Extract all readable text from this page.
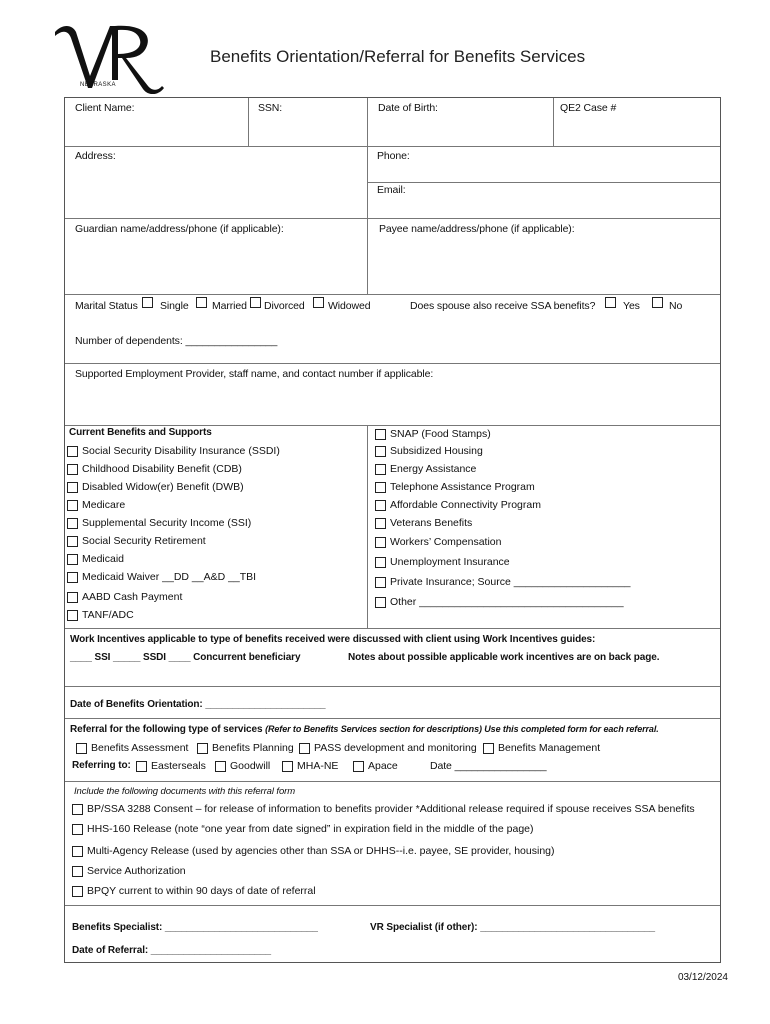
NEBRASKA
Benefits Orientation/Referral for Benefits Services
Client Name:	SSN:	Date of Birth:	QE2 Case #
Address:	Phone:
Email:
Guardian name/address/phone (if applicable):	Payee name/address/phone (if applicable):
Marital Status Single Married Divorced Widowed	Does spouse also receive SSA benefits?	Yes	No
Number of dependents: ________________
Supported Employment Provider, staff name, and contact number if applicable:
Current Benefits and Supports
Social Security Disability Insurance (SSDI)
Childhood Disability Benefit (CDB)
Disabled Widow(er) Benefit (DWB)
Medicare
Supplemental Security Income (SSI)
Social Security Retirement
Medicaid
Medicaid Waiver __DD __A&D __TBI
AABD Cash Payment
TANF/ADC
SNAP (Food Stamps)
Subsidized Housing
Energy Assistance
Telephone Assistance Program
Affordable Connectivity Program
Veterans Benefits
Workers’ Compensation
Unemployment Insurance
Private Insurance; Source ____________________
Other ___________________________________
Work Incentives applicable to type of benefits received were discussed with client using Work Incentives guides:
____ SSI _____ SSDI ____ Concurrent beneficiary	Notes about possible applicable work incentives are on back page.
Date of Benefits Orientation: ______________________
Referral for the following type of services (Refer to Benefits Services section for descriptions) Use this completed form for each referral.
Benefits Assessment Benefits Planning PASS development and monitoring Benefits Management
Referring to: Easterseals Goodwill	MHA-NE	Apace	Date ________________
Include the following documents with this referral form
BP/SSA 3288 Consent – for release of information to benefits provider *Additional release required if spouse receives SSA benefits
HHS-160 Release (note “one year from date signed” in expiration field in the middle of the page)
Multi-Agency Release (used by agencies other than SSA or DHHS--i.e. payee, SE provider, housing)
Service Authorization
BPQY current to within 90 days of date of referral
Benefits Specialist: ____________________________	VR Specialist (if other): ________________________________
Date of Referral: ______________________
03/12/2024
